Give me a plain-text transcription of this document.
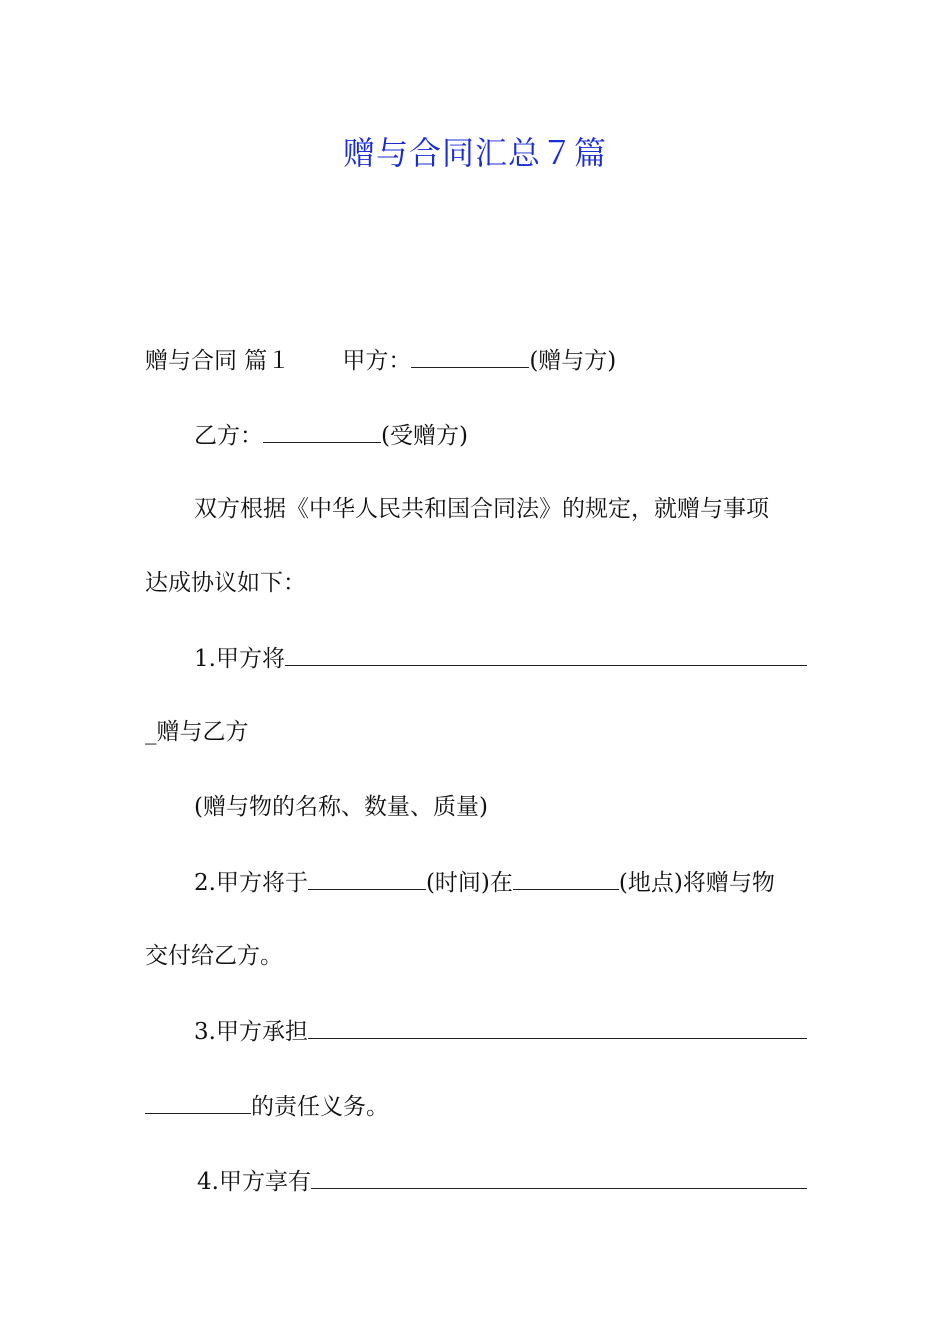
赠与合同汇总７篇
赠与合同 篇１ 甲方：	(赠与方)
乙方：	(受赠方)
双方根据《中华人民共和国合同法》的规定，就赠与事项
达成协议如下：
1.甲方将
_赠与乙方
(赠与物的名称、数量、质量)
2.甲方将于	(时间)在	(地点)将赠与物
交付给乙方。
3.甲方承担
的责任义务。
4.甲方享有
